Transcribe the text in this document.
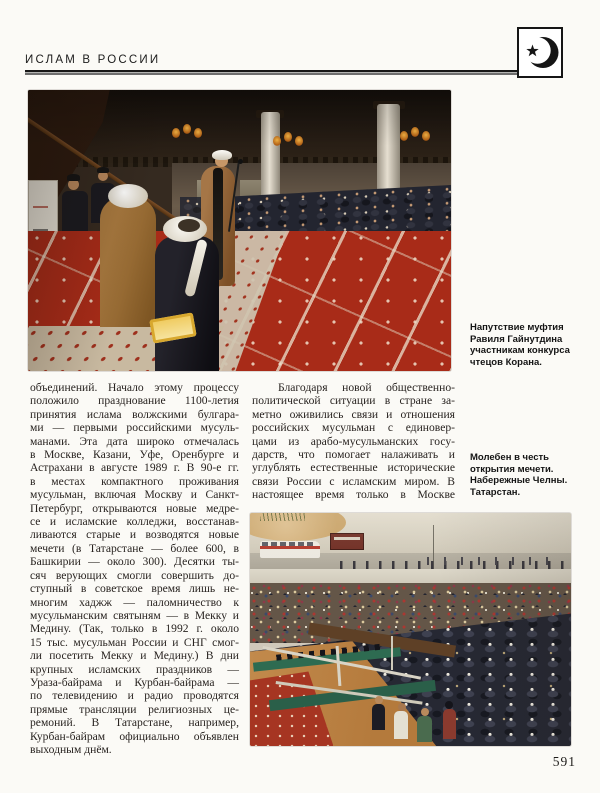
ИСЛАМ В РОССИИ
Напутствие муфтия
Равиля Гайнутдина
участникам конкурса
чтецов Корана.
Молебен в честь
открытия мечети.
Набережные Челны.
Татарстан.
объединений. Начало этому процессу
положило празднование 1100-летия
принятия ислама волжскими булгара-
ми — первыми российскими мусуль-
манами. Эта дата широко отмечалась
в Москве, Казани, Уфе, Оренбурге и
Астрахани в августе 1989 г. В 90-е гг.
в местах компактного проживания
мусульман, включая Москву и Санкт-
Петербург, открываются новые медре-
се и исламские колледжи, восстанав-
ливаются старые и возводятся новые
мечети (в Татарстане — более 600, в
Башкирии — около 300). Десятки ты-
сяч верующих смогли совершить до-
ступный в советское время лишь не-
многим хаджж — паломничество к
мусульманским святыням — в Мекку и
Медину. (Так, только в 1992 г. около
15 тыс. мусульман России и СНГ смог-
ли посетить Мекку и Медину.) В дни
крупных исламских праздников —
Ураза-байрама и Курбан-байрама —
по телевидению и радио проводятся
прямые трансляции религиозных це-
ремоний. В Татарстане, например,
Курбан-байрам официально объявлен
выходным днём.
Благодаря новой общественно-
политической ситуации в стране за-
метно оживились связи и отношения
российских мусульман с единовер-
цами из арабо-мусульманских госу-
дарств, что помогает налаживать и
углублять естественные исторические
связи России с исламским миром. В
настоящее время только в Москве
591
